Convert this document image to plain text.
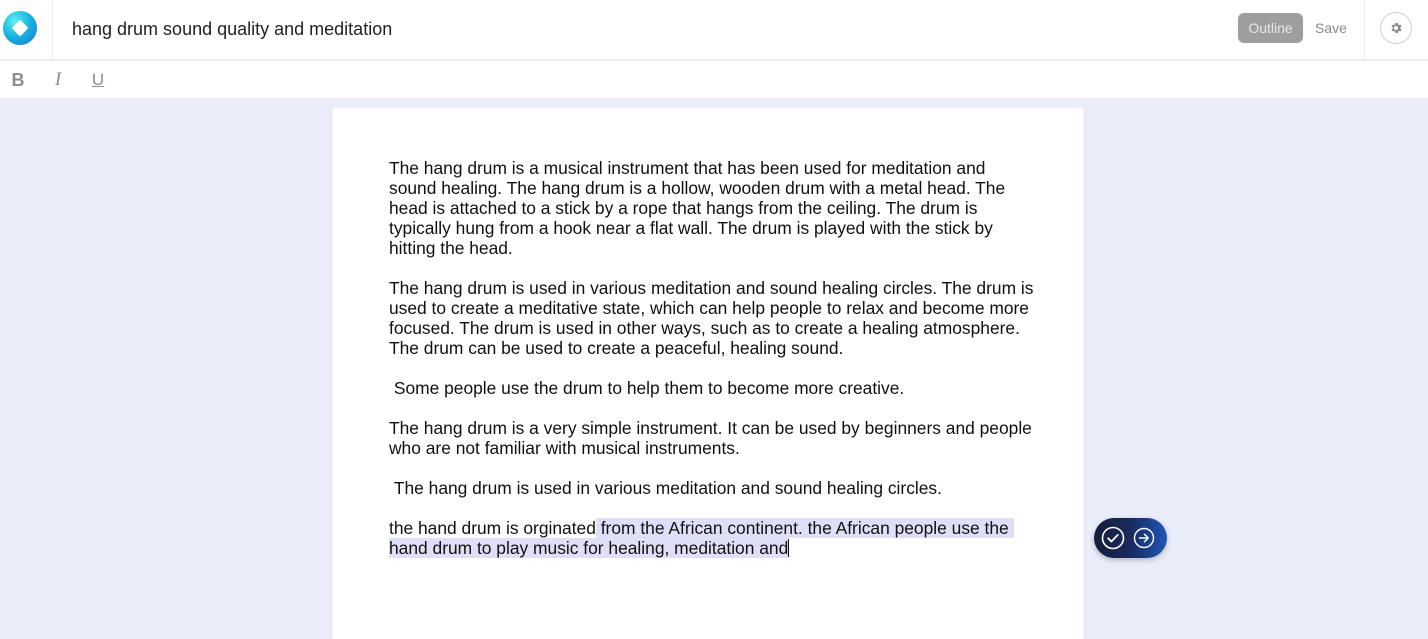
hang drum sound quality and meditation	Outline	Save
B	I	U
The hang drum is a musical instrument that has been used for meditation and sound healing. The hang drum is a hollow, wooden drum with a metal head. The head is attached to a stick by a rope that hangs from the ceiling. The drum is typically hung from a hook near a flat wall. The drum is played with the stick by hitting the head.
The hang drum is used in various meditation and sound healing circles. The drum is used to create a meditative state, which can help people to relax and become more focused. The drum is used in other ways, such as to create a healing atmosphere. The drum can be used to create a peaceful, healing sound.
Some people use the drum to help them to become more creative.
The hang drum is a very simple instrument. It can be used by beginners and people who are not familiar with musical instruments.
The hang drum is used in various meditation and sound healing circles.
the hand drum is orginated from the African continent. the African people use the hand drum to play music for healing, meditation and
